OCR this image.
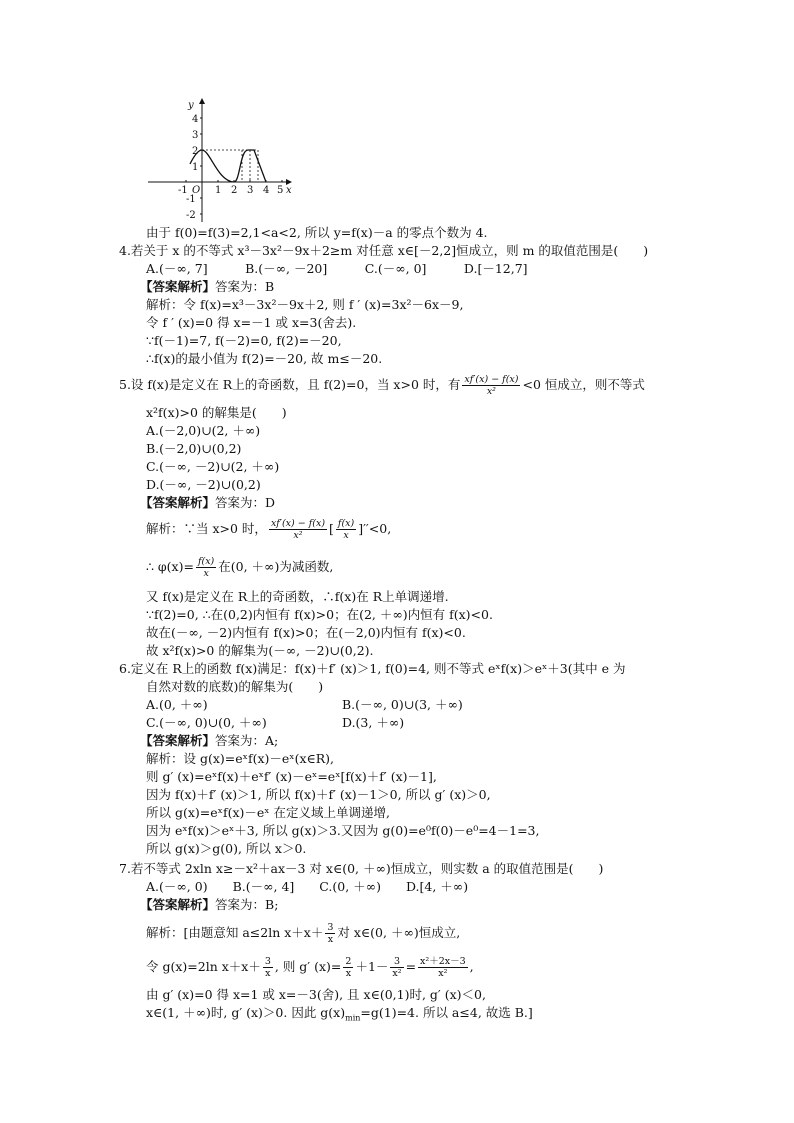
y
4
3
2
1
-1
-2
-1 O 1 2 3 4 5 x
由于 f(0)=f(3)=2,1<a<2, 所以 y=f(x)－a 的零点个数为 4.
4.若关于 x 的不等式 x³－3x²－9x＋2≥m 对任意 x∈[－2,2]恒成立，则 m 的取值范围是(　　)
A.(－∞, 7]　　　B.(－∞, －20]　　　C.(－∞, 0]　　　D.[－12,7]
【答案解析】答案为：B
解析：令 f(x)=x³－3x²－9x＋2, 则 f ′ (x)=3x²－6x－9,
令 f ′ (x)=0 得 x=－1 或 x=3(舍去).
∵f(－1)=7, f(－2)=0, f(2)=－20,
∴f(x)的最小值为 f(2)=－20, 故 m≤－20.
5.设 f(x)是定义在 R上的奇函数，且 f(2)=0，当 x>0 时，有 $\frac{xf'(x) - f(x)}{\text{x²}} <0$ 恒成立，则不等式
x²f(x)>0 的解集是(　　)
A.(－2,0)∪(2, ＋∞)
B.(－2,0)∪(0,2)
C.(－∞, －2)∪(2, ＋∞)
D.(－∞, －2)∪(0,2)
【答案解析】答案为：D
解析：∵当 x>0 时， $\frac{xf'(x) - f(x)}{\text{x²}}$ [ $\frac{f(x)}{x} ]''<0$,
∴ $\varphi(x)= \frac{f(x)}{x}$ 在(0, ＋∞)为减函数,
又 f(x)是定义在 R上的奇函数，∴f(x)在 R上单调递增.
∵f(2)=0, ∴在(0,2)内恒有 f(x)>0；在(2, ＋∞)内恒有 f(x)<0.
故在(－∞, －2)内恒有 f(x)>0；在(－2,0)内恒有 f(x)<0.
故 x²f(x)>0 的解集为(－∞, －2)∪(0,2).
6.定义在 R上的函数 f(x)满足：f(x)＋f′ (x)＞1, f(0)=4, 则不等式 eˣf(x)＞eˣ＋3(其中 e 为
自然对数的底数)的解集为(　　)
A.(0, ＋∞)	B.(－∞, 0)∪(3, ＋∞)
C.(－∞, 0)∪(0, ＋∞)	D.(3, ＋∞)
【答案解析】答案为：A;
解析：设 g(x)=eˣf(x)－eˣ(x∈R),
则 g′ (x)=eˣf(x)＋eˣf′ (x)－eˣ=eˣ[f(x)＋f′ (x)－1],
因为 f(x)＋f′ (x)＞1, 所以 f(x)＋f′ (x)－1＞0, 所以 g′ (x)＞0,
所以 g(x)=eˣf(x)－eˣ 在定义域上单调递增,
因为 eˣf(x)＞eˣ＋3, 所以 g(x)＞3.又因为 g(0)=e⁰f(0)－e⁰=4－1=3,
所以 g(x)＞g(0), 所以 x＞0.
7.若不等式 2xln x≥－x²＋ax－3 对 x∈(0, ＋∞)恒成立，则实数 a 的取值范围是(　　)
A.(－∞, 0)　　B.(－∞, 4]　　C.(0, ＋∞)　　D.[4, ＋∞)
【答案解析】答案为：B;
解析：[由题意知 a≤2ln $x+x+ \frac{3}{x}$ 对 x∈(0, ＋∞)恒成立,
令 g(x)=2ln $x+x+ \frac{3}{x}$ , 则 g′ $(x)= \frac{2}{x} +1- \frac{3}{\text{x²}} = \frac{\text{x²＋2x－3}}{\text{x²}}$ ,
由 g′ (x)=0 得 x=1 或 x=－3(舍), 且 x∈(0,1)时, g′ (x)＜0,
x∈(1, ＋∞)时, g′ (x)＞0. 因此 $g(x)_{min}=g(1)=4$. 所以 a≤4, 故选 B.]
